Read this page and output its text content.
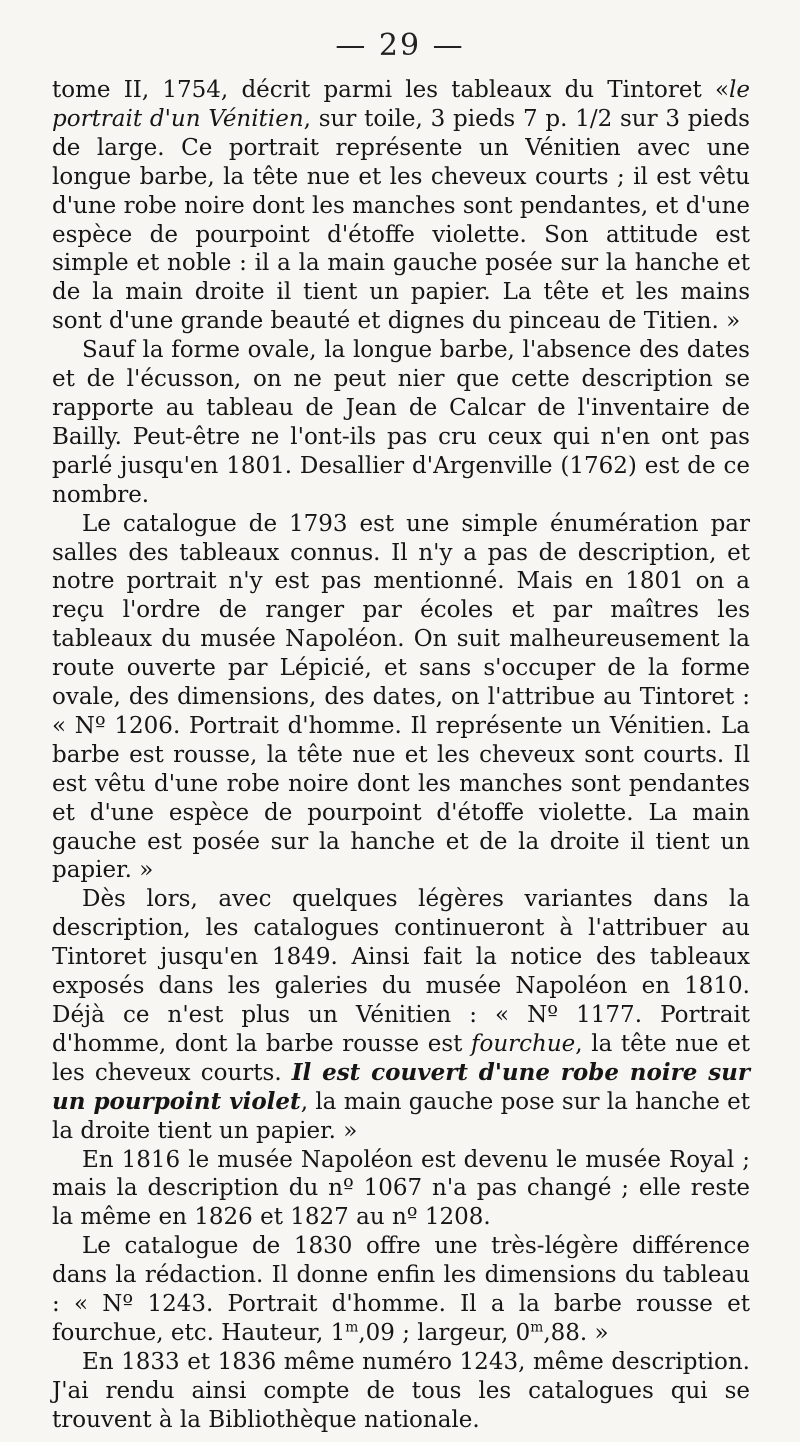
— 29 —

tome II, 1754, décrit parmi les tableaux du Tintoret «le portrait d'un Vénitien, sur toile, 3 pieds 7 p. 1/2 sur 3 pieds de large. Ce portrait représente un Vénitien avec une longue barbe, la tête nue et les cheveux courts ; il est vêtu d'une robe noire dont les manches sont pendantes, et d'une espèce de pourpoint d'étoffe violette. Son attitude est simple et noble : il a la main gauche posée sur la hanche et de la main droite il tient un papier. La tête et les mains sont d'une grande beauté et dignes du pinceau de Titien. »

Sauf la forme ovale, la longue barbe, l'absence des dates et de l'écusson, on ne peut nier que cette description se rapporte au tableau de Jean de Calcar de l'inventaire de Bailly. Peut-être ne l'ont-ils pas cru ceux qui n'en ont pas parlé jusqu'en 1801. Desallier d'Argenville (1762) est de ce nombre.

Le catalogue de 1793 est une simple énumération par salles des tableaux connus. Il n'y a pas de description, et notre portrait n'y est pas mentionné. Mais en 1801 on a reçu l'ordre de ranger par écoles et par maîtres les tableaux du musée Napoléon. On suit malheureusement la route ouverte par Lépicié, et sans s'occuper de la forme ovale, des dimensions, des dates, on l'attribue au Tintoret : « Nº 1206. Portrait d'homme. Il représente un Vénitien. La barbe est rousse, la tête nue et les cheveux sont courts. Il est vêtu d'une robe noire dont les manches sont pendantes et d'une espèce de pourpoint d'étoffe violette. La main gauche est posée sur la hanche et de la droite il tient un papier. »

Dès lors, avec quelques légères variantes dans la description, les catalogues continueront à l'attribuer au Tintoret jusqu'en 1849. Ainsi fait la notice des tableaux exposés dans les galeries du musée Napoléon en 1810. Déjà ce n'est plus un Vénitien : « Nº 1177. Portrait d'homme, dont la barbe rousse est fourchue, la tête nue et les cheveux courts. Il est couvert d'une robe noire sur un pourpoint violet, la main gauche pose sur la hanche et la droite tient un papier. »

En 1816 le musée Napoléon est devenu le musée Royal ; mais la description du nº 1067 n'a pas changé ; elle reste la même en 1826 et 1827 au nº 1208.

Le catalogue de 1830 offre une très-légère différence dans la rédaction. Il donne enfin les dimensions du tableau : « Nº 1243. Portrait d'homme. Il a la barbe rousse et fourchue, etc. Hauteur, 1$^m$,09 ; largeur, 0$^m$,88. »

En 1833 et 1836 même numéro 1243, même description. J'ai rendu ainsi compte de tous les catalogues qui se trouvent à la Bibliothèque nationale.
